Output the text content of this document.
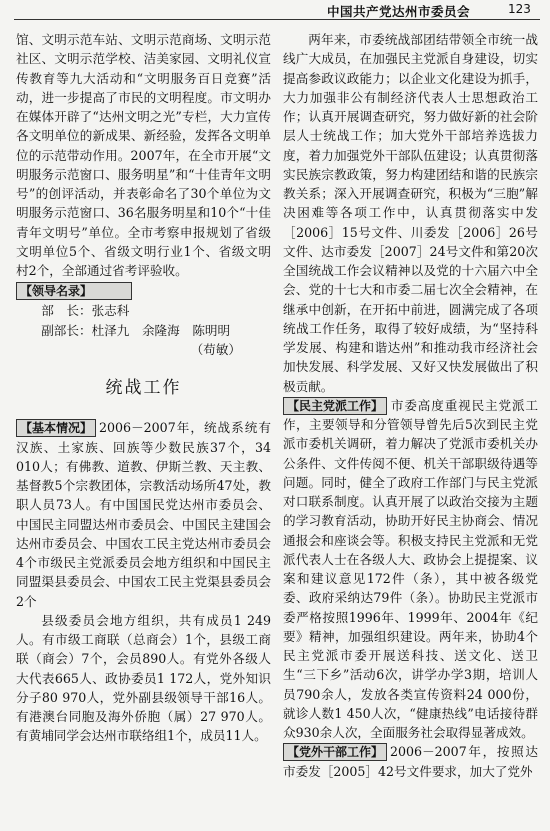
中国共产党达州市委员会	123

馆、文明示范车站、文明示范商场、文明示范社区、文明示范学校、洁美家园、文明礼仪宣传教育等九大活动和“文明服务百日竞赛”活动，进一步提高了市民的文明程度。市文明办在媒体开辟了“达州文明之光”专栏，大力宣传各文明单位的新成果、新经验，发挥各文明单位的示范带动作用。2007年，在全市开展“文明服务示范窗口、服务明星”和“十佳青年文明号”的创评活动，并表彰命名了30个单位为文明服务示范窗口、36名服务明星和10个“十佳青年文明号”单位。全市考察申报规划了省级文明单位5个、省级文明行业1个、省级文明村2个，全部通过省考评验收。

【领导名录】

部　长：张志科

副部长：杜泽九　余隆海　陈明明

（苟敏）

统战工作

【基本情况】 2006－2007年，统战系统有汉族、土家族、回族等少数民族37个，34 010人；有佛教、道教、伊斯兰教、天主教、基督教5个宗教团体，宗教活动场所47处，教职人员73人。有中国国民党达州市委员会、中国民主同盟达州市委员会、中国民主建国会达州市委员会、中国农工民主党达州市委员会4个市级民主党派委员会地方组织和中国民主同盟渠县委员会、中国农工民主党渠县委员会2个

县级委员会地方组织，共有成员1 249人。有市级工商联（总商会）1个，县级工商联（商会）7个，会员890人。有党外各级人大代表665人、政协委员1 172人，党外知识分子80 970人，党外副县级领导干部16人。有港澳台同胞及海外侨胞（属）27 970人。有黄埔同学会达州市联络组1个，成员11人。

两年来，市委统战部团结带领全市统一战线广大成员，在加强民主党派自身建设，切实提高参政议政能力；以企业文化建设为抓手，大力加强非公有制经济代表人士思想政治工作；认真开展调查研究，努力做好新的社会阶层人士统战工作；加大党外干部培养选拔力度，着力加强党外干部队伍建设；认真贯彻落实民族宗教政策，努力构建团结和谐的民族宗教关系；深入开展调查研究，积极为“三胞”解决困难等各项工作中，认真贯彻落实中发［2006］15号文件、川委发［2006］26号文件、达市委发［2007］24号文件和第20次全国统战工作会议精神以及党的十六届六中全会、党的十七大和市委二届七次全会精神，在继承中创新，在开拓中前进，圆满完成了各项统战工作任务，取得了较好成绩，为“坚持科学发展、构建和谐达州”和推动我市经济社会加快发展、科学发展、又好又快发展做出了积极贡献。

【民主党派工作】 市委高度重视民主党派工作，主要领导和分管领导曾先后5次到民主党派市委机关调研，着力解决了党派市委机关办公条件、文件传阅不便、机关干部职级待遇等问题。同时，健全了政府工作部门与民主党派对口联系制度。认真开展了以政治交接为主题的学习教育活动，协助开好民主协商会、情况通报会和座谈会等。积极支持民主党派和无党派代表人士在各级人大、政协会上提提案、议案和建议意见172件（条），其中被各级党委、政府采纳达79件（条）。协助民主党派市委严格按照1996年、1999年、2004年《纪要》精神，加强组织建设。两年来，协助4个民主党派市委开展送科技、送文化、送卫生“三下乡”活动6次，讲学办学3期，培训人员790余人，发放各类宣传资料24 000份，就诊人数1 450人次，“健康热线”电话接待群众930余人次，全面服务社会取得显著成效。

【党外干部工作】 2006－2007年，按照达市委发［2005］42号文件要求，加大了党外
